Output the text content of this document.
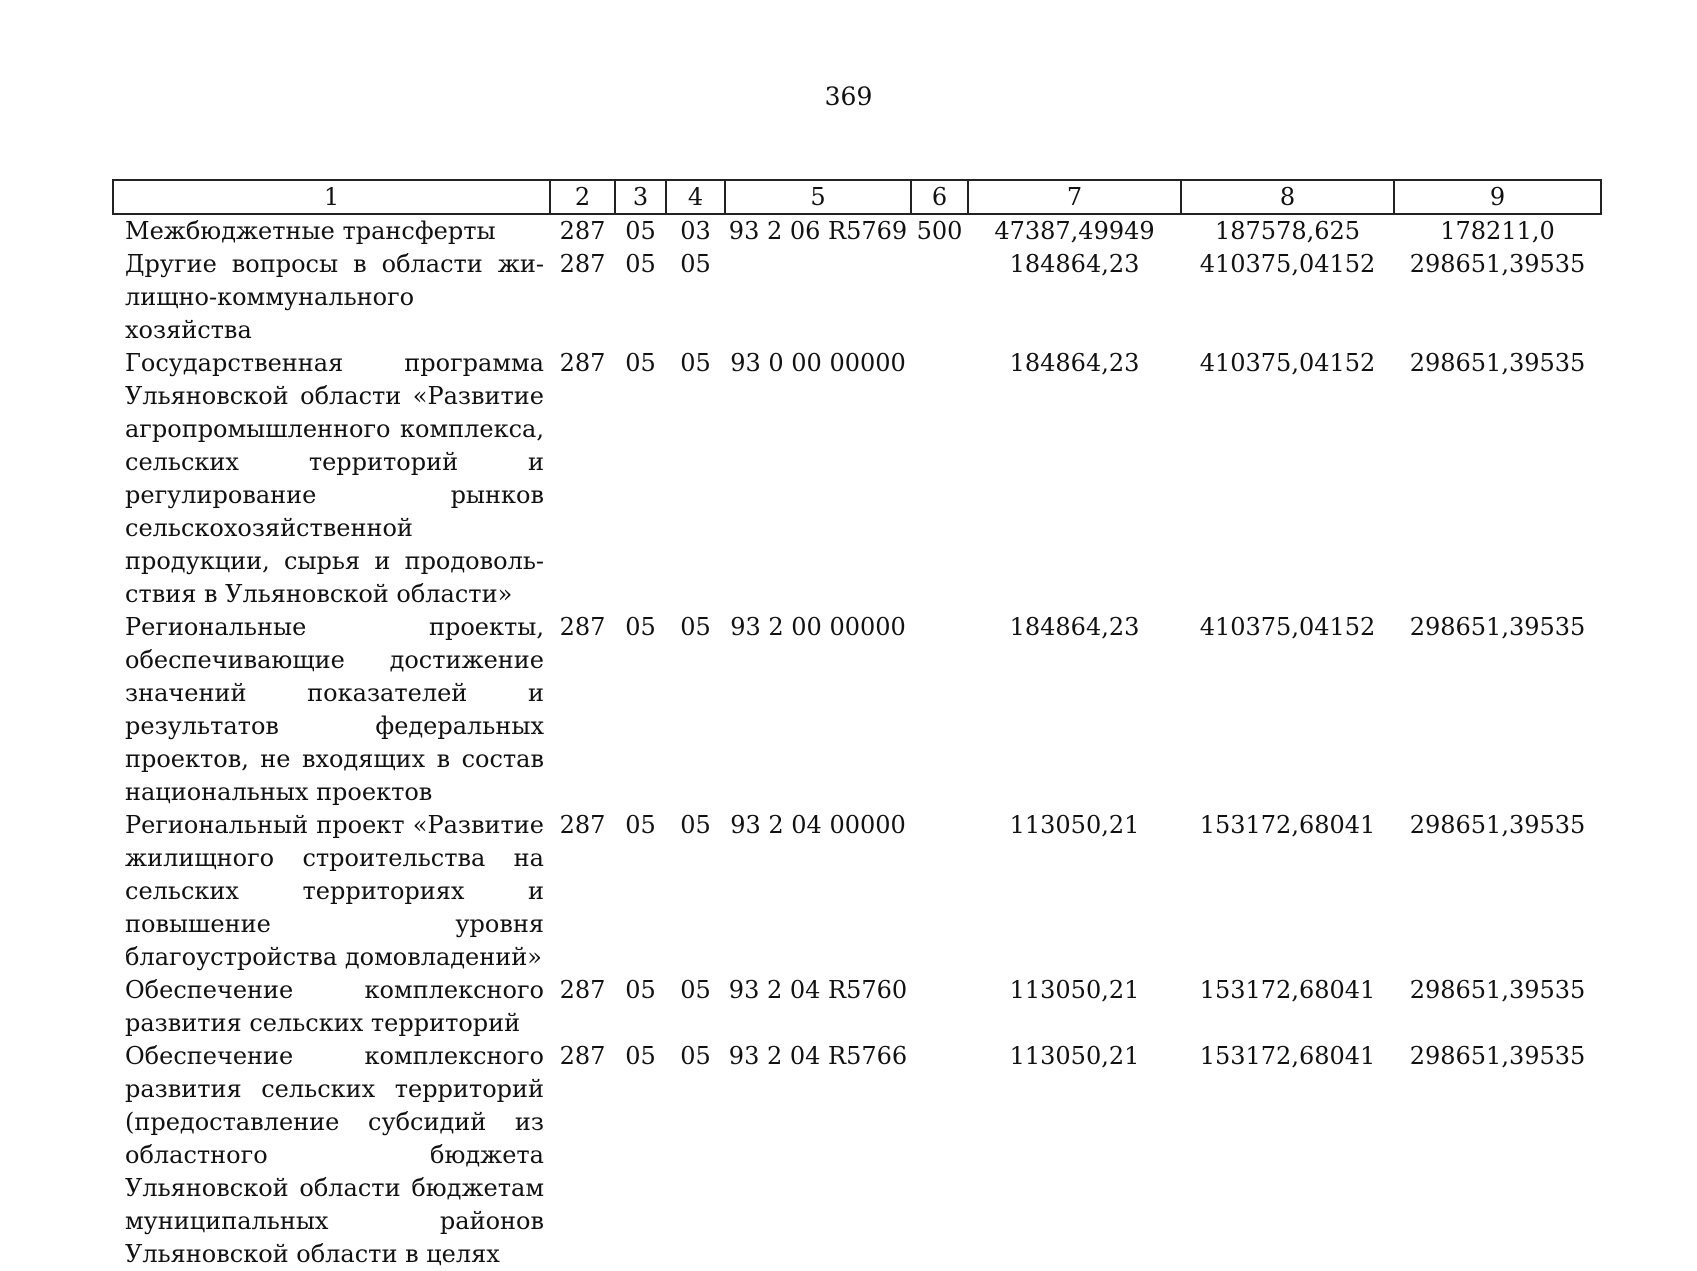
369
1	2	3	4	5	6	7	8	9
Межбюджетные трансферты	287	05	03	93 2 06 R5769	500	47387,49949	187578,625	178211,0
Другие вопросы в области жилищно-коммунального хозяйства	287	05	05			184864,23	410375,04152	298651,39535
Государственная программа Ульяновской области «Развитие агропромышленного комплекса, сельских территорий и регулирование рынков сельскохозяйственной продукции, сырья и продовольствия в Ульяновской области»	287	05	05	93 0 00 00000		184864,23	410375,04152	298651,39535
Региональные проекты, обеспечивающие достижение значений показателей и результатов федеральных проектов, не входящих в состав национальных проектов	287	05	05	93 2 00 00000		184864,23	410375,04152	298651,39535
Региональный проект «Развитие жилищного строительства на сельских территориях и повышение уровня благоустройства домовладений»	287	05	05	93 2 04 00000		113050,21	153172,68041	298651,39535
Обеспечение комплексного развития сельских территорий	287	05	05	93 2 04 R5760		113050,21	153172,68041	298651,39535
Обеспечение комплексного развития сельских территорий (предоставление субсидий из областного бюджета Ульяновской области бюджетам муниципальных районов Ульяновской области в целях	287	05	05	93 2 04 R5766		113050,21	153172,68041	298651,39535
